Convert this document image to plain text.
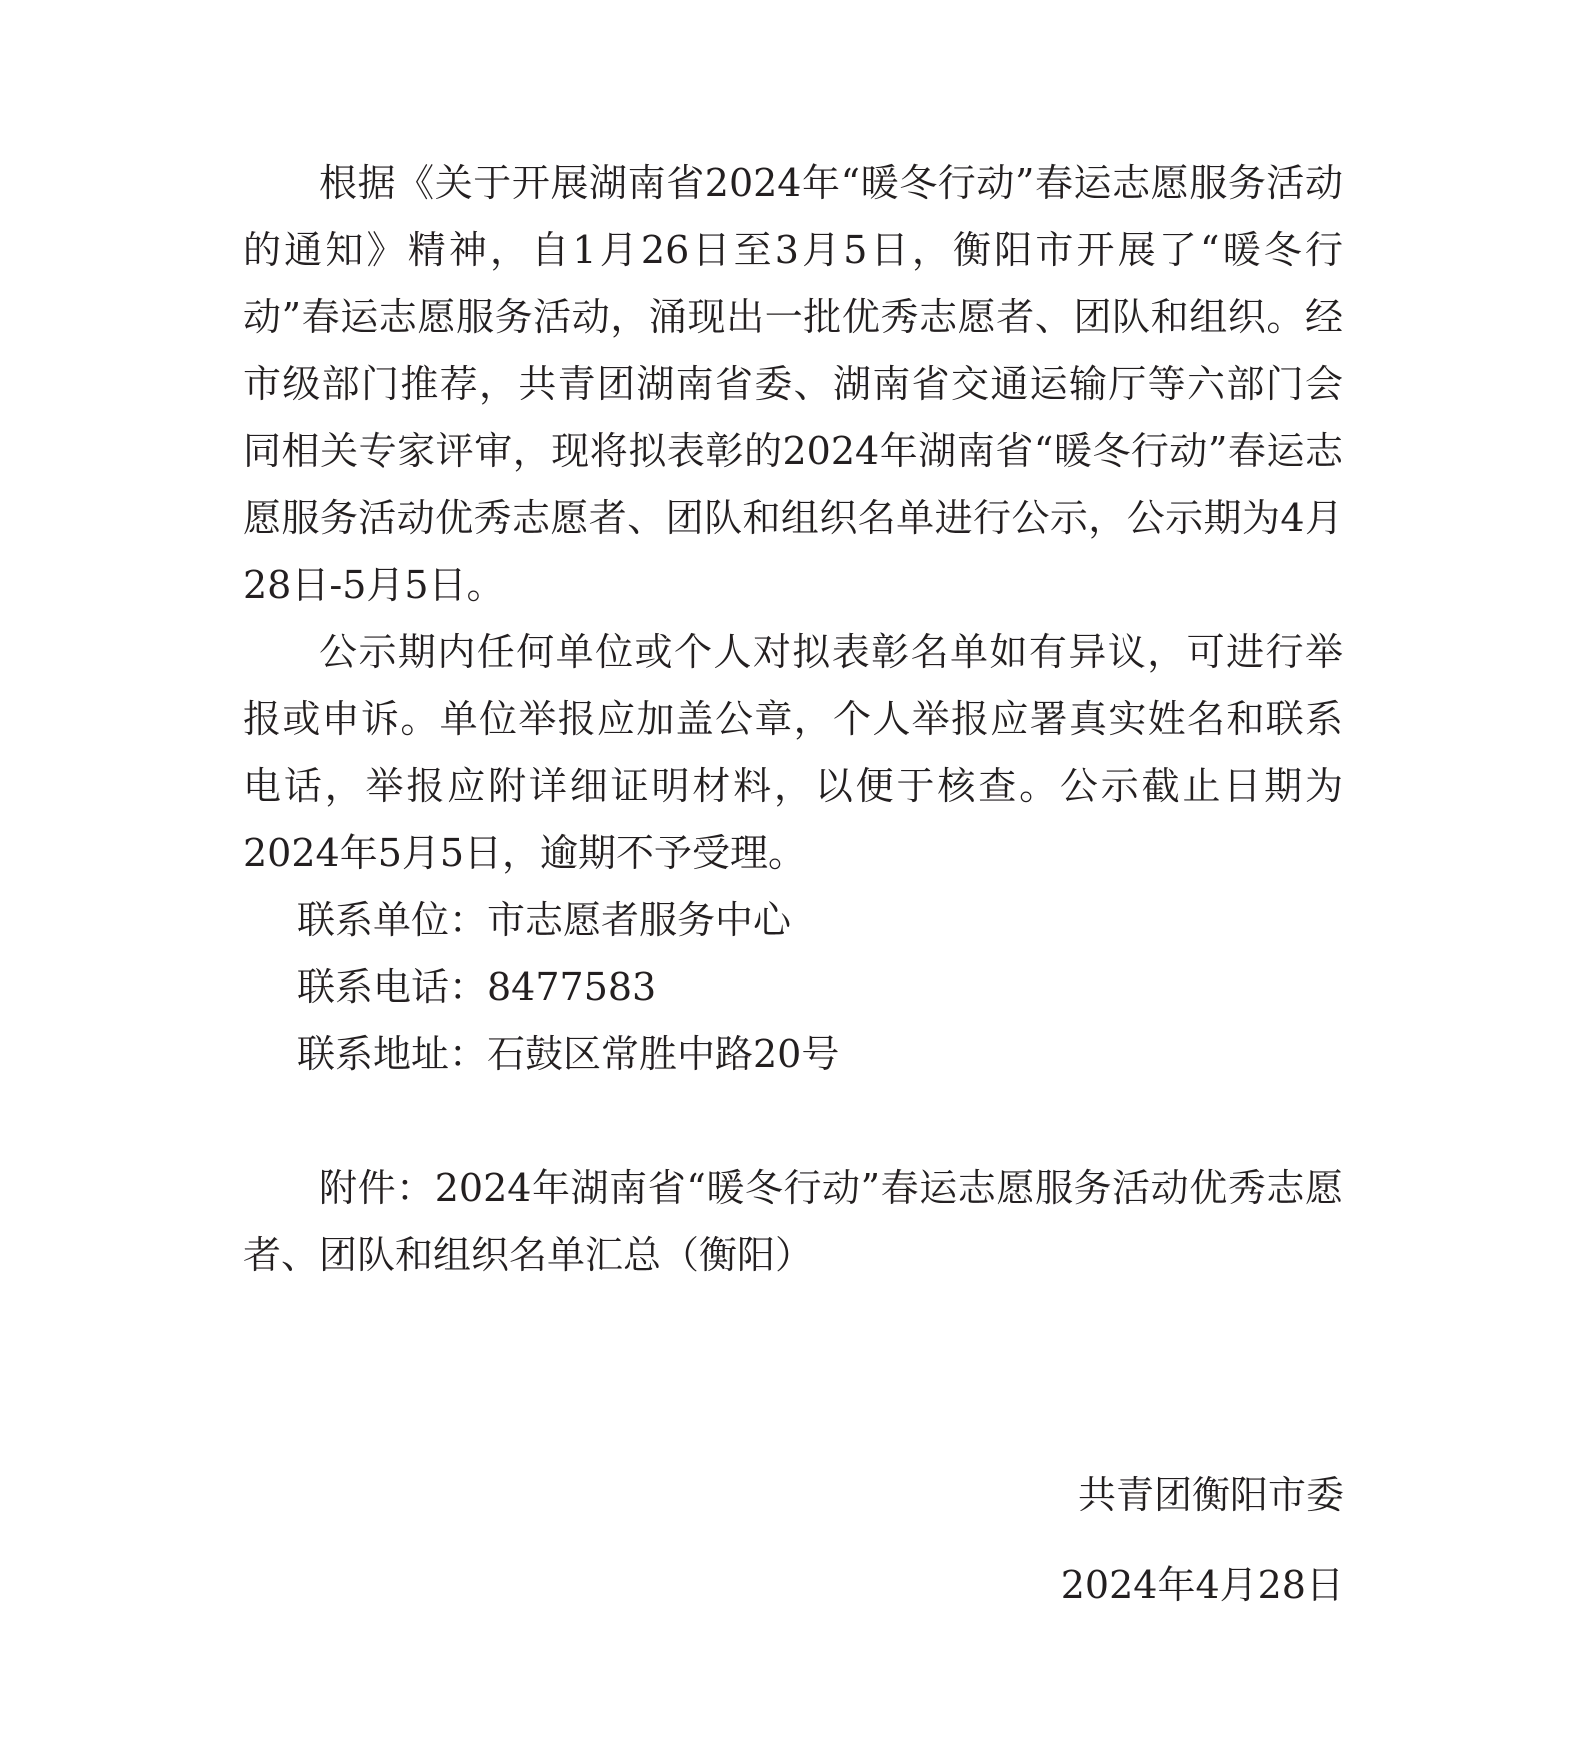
根据《关于开展湖南省2024年“暖冬行动”春运志愿服务活动的通知》精神，自1月26日至3月5日，衡阳市开展了“暖冬行动”春运志愿服务活动，涌现出一批优秀志愿者、团队和组织。经市级部门推荐，共青团湖南省委、湖南省交通运输厅等六部门会同相关专家评审，现将拟表彰的2024年湖南省“暖冬行动”春运志愿服务活动优秀志愿者、团队和组织名单进行公示，公示期为4月28日-5月5日。

公示期内任何单位或个人对拟表彰名单如有异议，可进行举报或申诉。单位举报应加盖公章，个人举报应署真实姓名和联系电话，举报应附详细证明材料，以便于核查。公示截止日期为2024年5月5日，逾期不予受理。

联系单位：市志愿者服务中心

联系电话：8477583

联系地址：石鼓区常胜中路20号

附件：2024年湖南省“暖冬行动”春运志愿服务活动优秀志愿者、团队和组织名单汇总（衡阳）

共青团衡阳市委
2024年4月28日
